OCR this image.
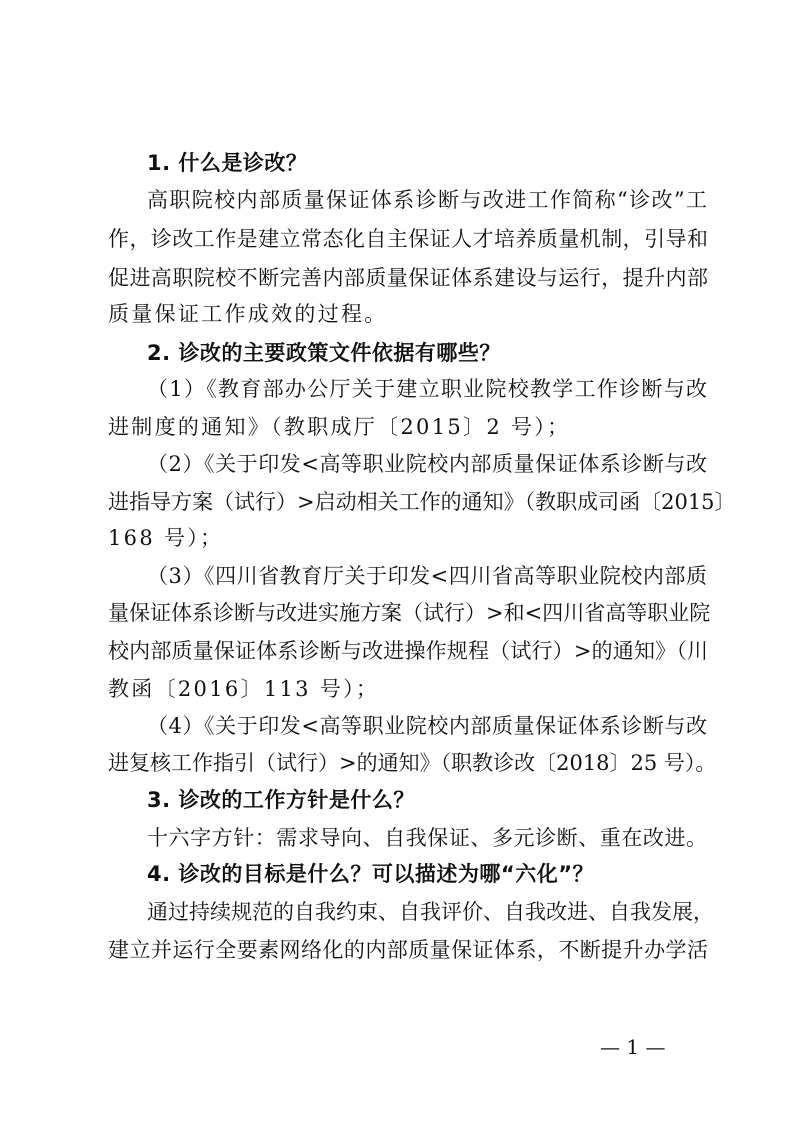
1. 什么是诊改？
高职院校内部质量保证体系诊断与改进工作简称“诊改”工
作，诊改工作是建立常态化自主保证人才培养质量机制，引导和
促进高职院校不断完善内部质量保证体系建设与运行，提升内部
质量保证工作成效的过程。
2. 诊改的主要政策文件依据有哪些？
（1）《教育部办公厅关于建立职业院校教学工作诊断与改
进制度的通知》（教职成厅〔2015〕2 号）；
（2）《关于印发<高等职业院校内部质量保证体系诊断与改
进指导方案（试行）>启动相关工作的通知》（教职成司函〔2015〕
168 号）；
（3）《四川省教育厅关于印发<四川省高等职业院校内部质
量保证体系诊断与改进实施方案（试行）>和<四川省高等职业院
校内部质量保证体系诊断与改进操作规程（试行）>的通知》（川
教函〔2016〕113 号）；
（4）《关于印发<高等职业院校内部质量保证体系诊断与改
进复核工作指引（试行）>的通知》（职教诊改〔2018〕25 号）。
3. 诊改的工作方针是什么？
十六字方针：需求导向、自我保证、多元诊断、重在改进。
4. 诊改的目标是什么？可以描述为哪“六化”？
通过持续规范的自我约束、自我评价、自我改进、自我发展，
建立并运行全要素网络化的内部质量保证体系，不断提升办学活
— 1 —
